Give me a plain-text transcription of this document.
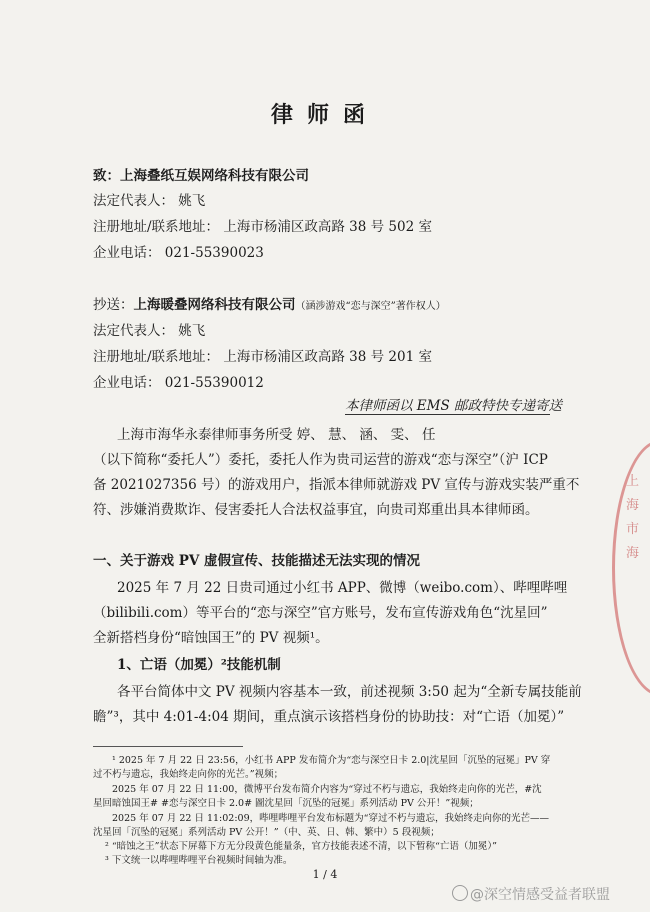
律师函
致：上海叠纸互娱网络科技有限公司
法定代表人： 姚飞
注册地址/联系地址： 上海市杨浦区政高路 38 号 502 室
企业电话： 021-55390023
抄送：上海暖叠网络科技有限公司（涵涉游戏“恋与深空”著作权人）
法定代表人： 姚飞
注册地址/联系地址： 上海市杨浦区政高路 38 号 201 室
企业电话： 021-55390012
本律师函以 EMS 邮政特快专递寄送
上海市海华永泰律师事务所受 婷、 慧、 涵、 雯、 任
（以下简称“委托人”）委托，委托人作为贵司运营的游戏“恋与深空”（沪 ICP
备 2021027356 号）的游戏用户，指派本律师就游戏 PV 宣传与游戏实装严重不
符、涉嫌消费欺诈、侵害委托人合法权益事宜，向贵司郑重出具本律师函。
一、关于游戏 PV 虚假宣传、技能描述无法实现的情况
2025 年 7 月 22 日贵司通过小红书 APP、微博（weibo.com）、哔哩哔哩
（bilibili.com）等平台的“恋与深空”官方账号，发布宣传游戏角色“沈星回”
全新搭档身份“暗蚀国王”的 PV 视频¹。
1、亡语（加冕）²技能机制
各平台简体中文 PV 视频内容基本一致，前述视频 3:50 起为“全新专属技能前
瞻”³，其中 4:01-4:04 期间，重点演示该搭档身份的协助技：对“亡语（加冕）”
¹ 2025 年 7 月 22 日 23:56，小红书 APP 发布简介为“恋与深空日卡 2.0|沈星回「沉坠的冠冕」PV 穿
过不朽与遗忘，我始终走向你的光芒。”视频；
2025 年 07 月 22 日 11:00，微博平台发布简介内容为“穿过不朽与遗忘，我始终走向你的光芒，#沈
星回暗蚀国王# #恋与深空日卡 2.0# 圖沈星回「沉坠的冠冕」系列活动 PV 公开！”视频；
2025 年 07 月 22 日 11:02:09，哔哩哔哩平台发布标题为“穿过不朽与遗忘，我始终走向你的光芒——
沈星回「沉坠的冠冕」系列活动 PV 公开！”（中、英、日、韩、繁中）5 段视频；
² “暗蚀之王”状态下屏幕下方无分段黄色能量条，官方技能表述不清，以下暂称“亡语（加冕）”
³ 下文统一以哔哩哔哩平台视频时间轴为准。
1 / 4
上海市海
@深空情感受益者联盟
